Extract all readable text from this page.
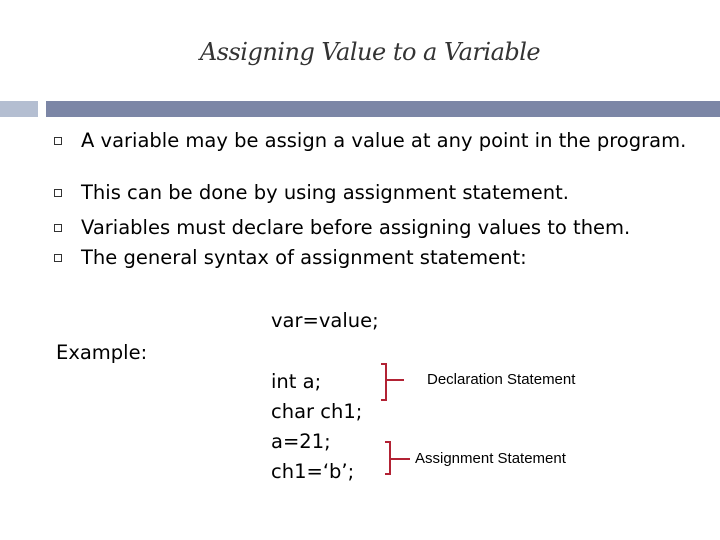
Assigning Value to a Variable
A variable may be assign a value at any point in the program.
This can be done by using assignment statement.
Variables must declare before assigning values to them.
The general syntax of assignment statement:
var=value;
Example:
int a;
char ch1;
a=21;
ch1=‘b’;
Declaration Statement
Assignment Statement
